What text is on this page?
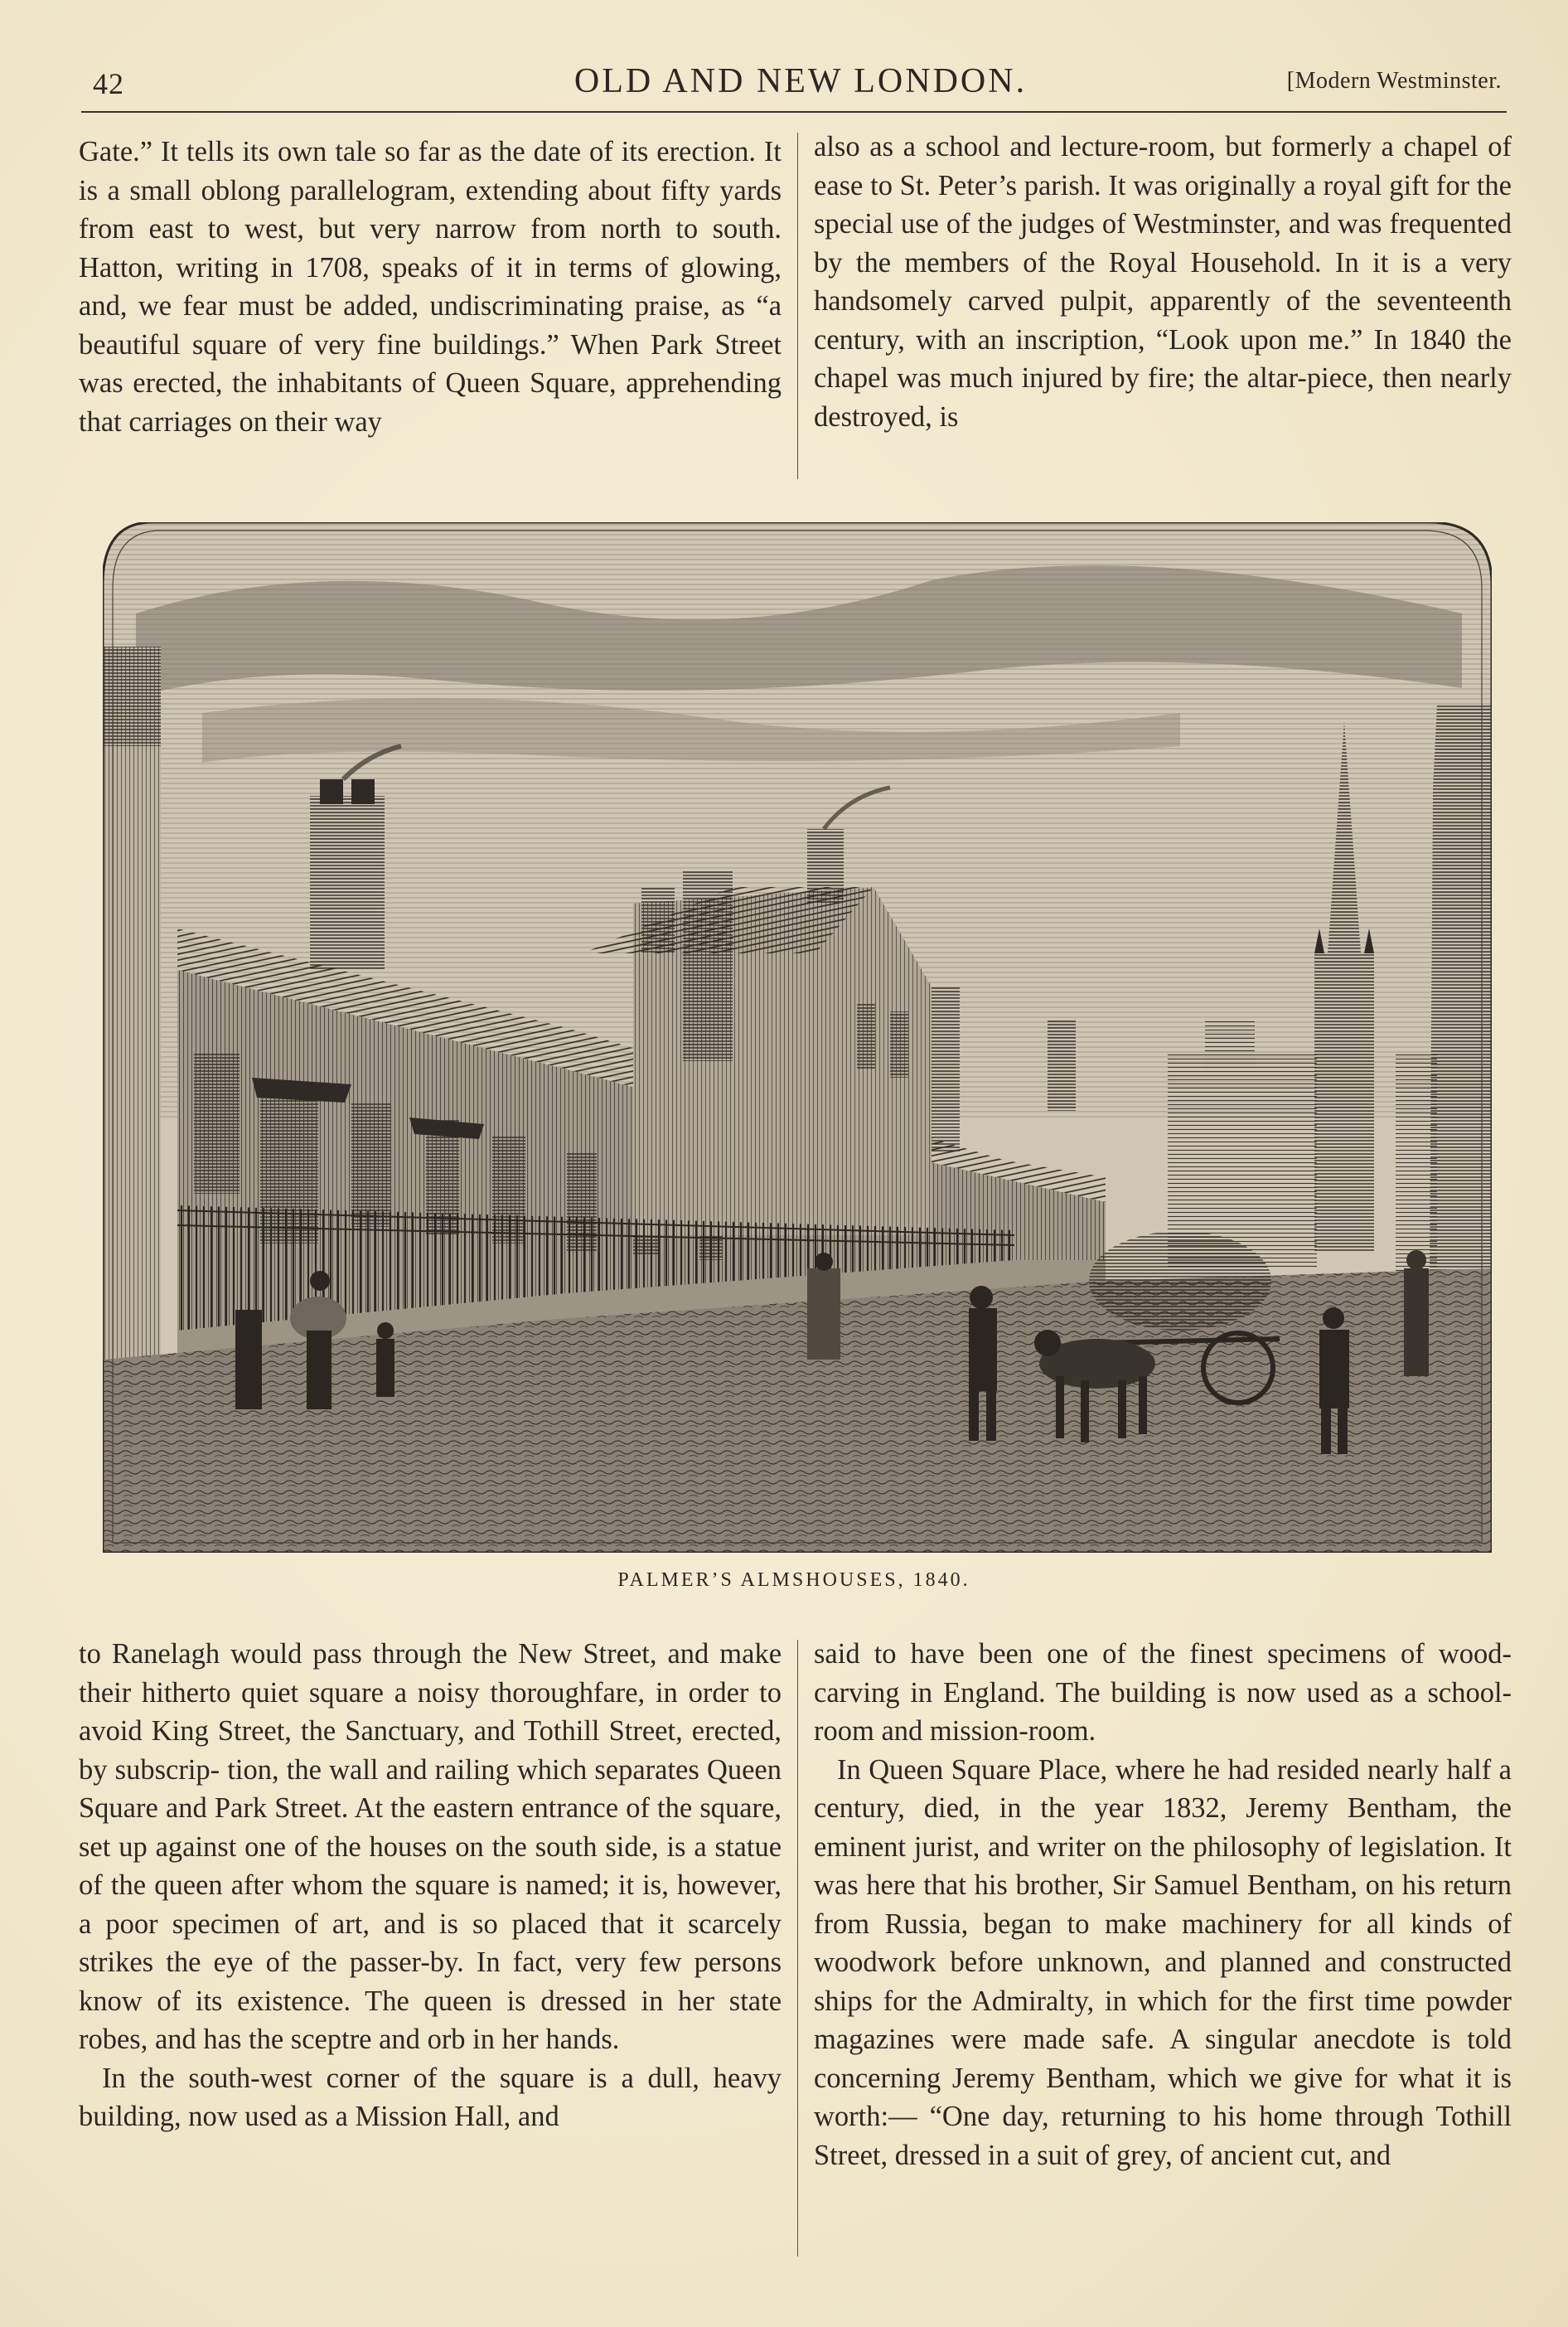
42	OLD AND NEW LONDON.	[Modern Westminster.

Gate.” It tells its own tale so far as the date of its erection. It is a small oblong parallelogram, extending about fifty yards from east to west, but very narrow from north to south. Hatton, writing in 1708, speaks of it in terms of glowing, and, we fear must be added, undiscriminating praise, as “a beautiful square of very fine buildings.” When Park Street was erected, the inhabitants of Queen Square, apprehending that carriages on their way

also as a school and lecture-room, but formerly a chapel of ease to St. Peter’s parish. It was originally a royal gift for the special use of the judges of Westminster, and was frequented by the members of the Royal Household. In it is a very handsomely carved pulpit, apparently of the seventeenth century, with an inscription, “Look upon me.” In 1840 the chapel was much injured by fire; the altar-piece, then nearly destroyed, is

PALMER’S ALMSHOUSES, 1840.

to Ranelagh would pass through the New Street, and make their hitherto quiet square a noisy thoroughfare, in order to avoid King Street, the Sanctuary, and Tothill Street, erected, by subscrip- tion, the wall and railing which separates Queen Square and Park Street. At the eastern entrance of the square, set up against one of the houses on the south side, is a statue of the queen after whom the square is named; it is, however, a poor specimen of art, and is so placed that it scarcely strikes the eye of the passer-by. In fact, very few persons know of its existence. The queen is dressed in her state robes, and has the sceptre and orb in her hands.

In the south-west corner of the square is a dull, heavy building, now used as a Mission Hall, and

said to have been one of the finest specimens of wood-carving in England. The building is now used as a school-room and mission-room.

In Queen Square Place, where he had resided nearly half a century, died, in the year 1832, Jeremy Bentham, the eminent jurist, and writer on the philosophy of legislation. It was here that his brother, Sir Samuel Bentham, on his return from Russia, began to make machinery for all kinds of woodwork before unknown, and planned and constructed ships for the Admiralty, in which for the first time powder magazines were made safe. A singular anecdote is told concerning Jeremy Bentham, which we give for what it is worth:— “One day, returning to his home through Tothill Street, dressed in a suit of grey, of ancient cut, and
